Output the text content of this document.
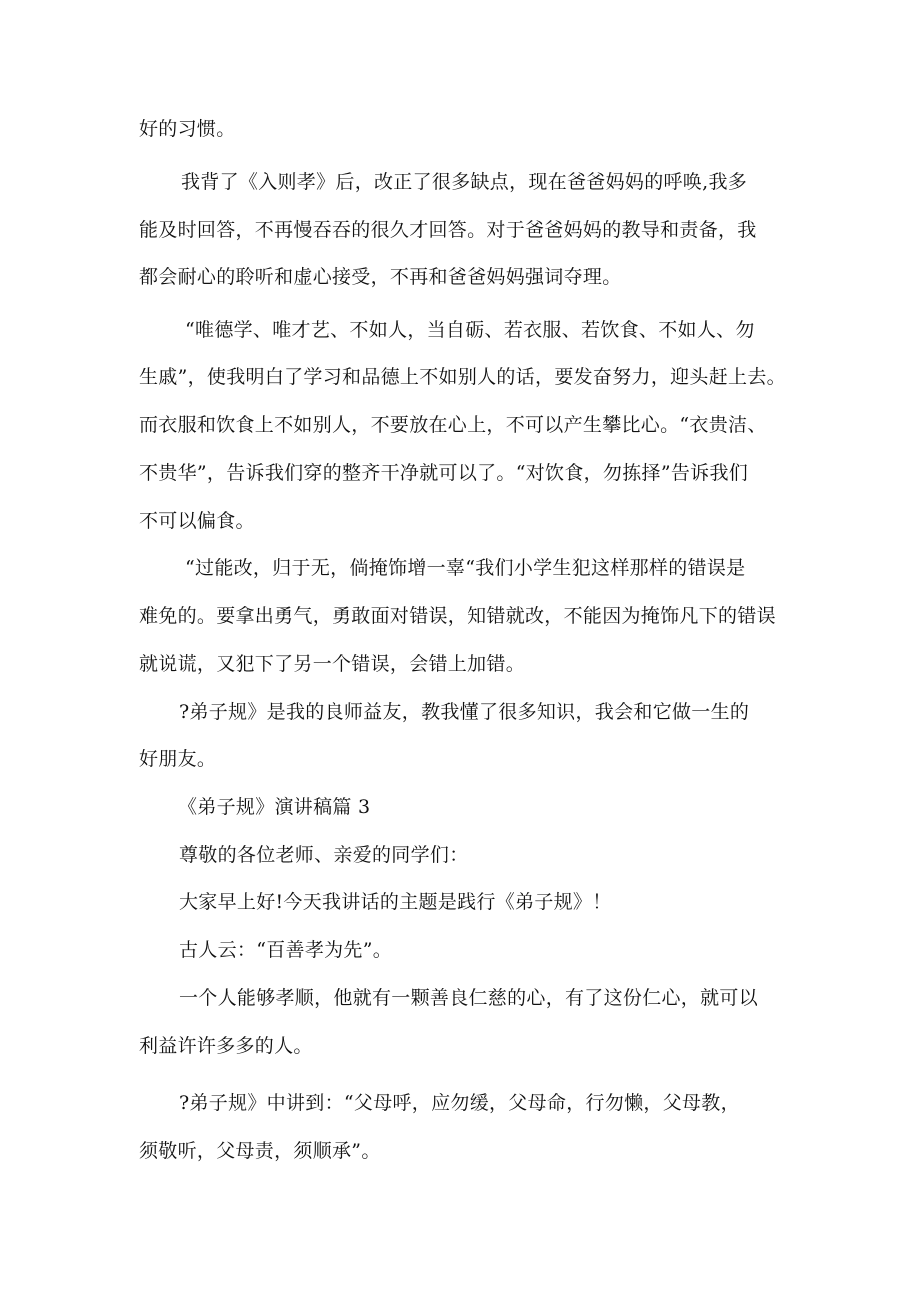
好的习惯。
我背了《入则孝》后，改正了很多缺点，现在爸爸妈妈的呼唤,我多
能及时回答，不再慢吞吞的很久才回答。对于爸爸妈妈的教导和责备，我
都会耐心的聆听和虚心接受，不再和爸爸妈妈强词夺理。
“唯德学、唯才艺、不如人，当自砺、若衣服、若饮食、不如人、勿
生戚”，使我明白了学习和品德上不如别人的话，要发奋努力，迎头赶上去。
而衣服和饮食上不如别人，不要放在心上，不可以产生攀比心。“衣贵洁、
不贵华”，告诉我们穿的整齐干净就可以了。“对饮食，勿拣择”告诉我们
不可以偏食。
“过能改，归于无，倘掩饰增一辜“我们小学生犯这样那样的错误是
难免的。要拿出勇气，勇敢面对错误，知错就改，不能因为掩饰凡下的错误
就说谎，又犯下了另一个错误，会错上加错。
?弟子规》是我的良师益友，教我懂了很多知识，我会和它做一生的
好朋友。
《弟子规》演讲稿篇 3
尊敬的各位老师、亲爱的同学们：
大家早上好!今天我讲话的主题是践行《弟子规》！
古人云：“百善孝为先”。
一个人能够孝顺，他就有一颗善良仁慈的心，有了这份仁心，就可以
利益许许多多的人。
?弟子规》中讲到：“父母呼，应勿缓，父母命，行勿懒，父母教，
须敬听，父母责，须顺承”。
